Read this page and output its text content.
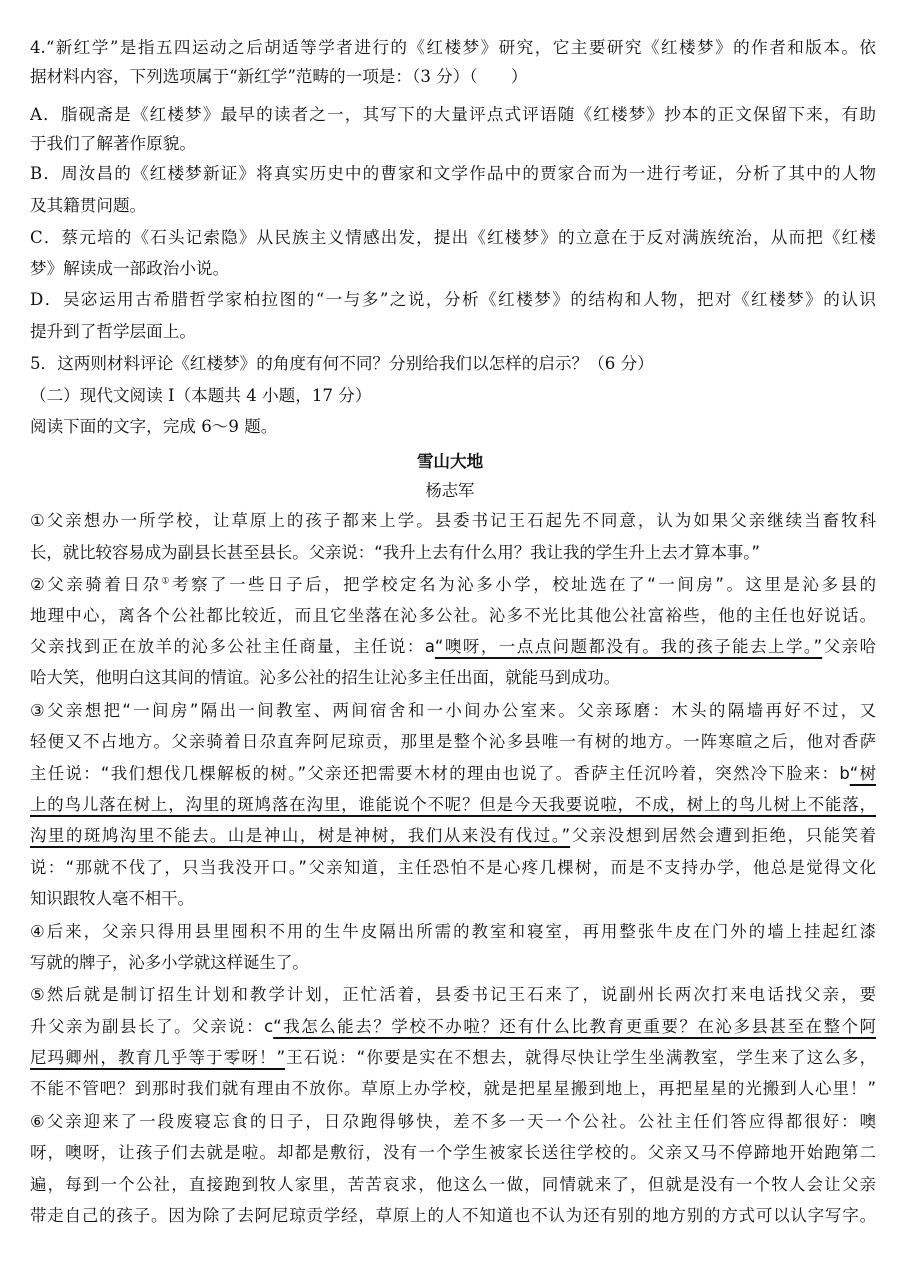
4.“新红学”是指五四运动之后胡适等学者进行的《红楼梦》研究，它主要研究《红楼梦》的作者和版本。依
据材料内容，下列选项属于“新红学”范畴的一项是：（3 分）（　　）
A．脂砚斋是《红楼梦》最早的读者之一，其写下的大量评点式评语随《红楼梦》抄本的正文保留下来，有助
于我们了解著作原貌。
B．周汝昌的《红楼梦新证》将真实历史中的曹家和文学作品中的贾家合而为一进行考证，分析了其中的人物
及其籍贯问题。
C．蔡元培的《石头记索隐》从民族主义情感出发，提出《红楼梦》的立意在于反对满族统治，从而把《红楼
梦》解读成一部政治小说。
D．吴宓运用古希腊哲学家柏拉图的“一与多”之说，分析《红楼梦》的结构和人物，把对《红楼梦》的认识
提升到了哲学层面上。
5．这两则材料评论《红楼梦》的角度有何不同？分别给我们以怎样的启示？（6 分）
（二）现代文阅读 I（本题共 4 小题，17 分）
阅读下面的文字，完成 6～9 题。
雪山大地
杨志军
①父亲想办一所学校，让草原上的孩子都来上学。县委书记王石起先不同意，认为如果父亲继续当畜牧科
长，就比较容易成为副县长甚至县长。父亲说：“我升上去有什么用？我让我的学生升上去才算本事。”
②父亲骑着日尕①考察了一些日子后，把学校定名为沁多小学，校址选在了“一间房”。这里是沁多县的
地理中心，离各个公社都比较近，而且它坐落在沁多公社。沁多不光比其他公社富裕些，他的主任也好说话。
父亲找到正在放羊的沁多公社主任商量，主任说：a“噢呀，一点点问题都没有。我的孩子能去上学。”父亲哈
哈大笑，他明白这其间的情谊。沁多公社的招生让沁多主任出面，就能马到成功。
③父亲想把“一间房”隔出一间教室、两间宿舍和一小间办公室来。父亲琢磨：木头的隔墙再好不过，又
轻便又不占地方。父亲骑着日尕直奔阿尼琼贡，那里是整个沁多县唯一有树的地方。一阵寒暄之后，他对香萨
主任说：“我们想伐几棵解板的树。”父亲还把需要木材的理由也说了。香萨主任沉吟着，突然冷下脸来：b“树
上的鸟儿落在树上，沟里的斑鸠落在沟里，谁能说个不呢？但是今天我要说啦，不成，树上的鸟儿树上不能落，
沟里的斑鸠沟里不能去。山是神山，树是神树，我们从来没有伐过。”父亲没想到居然会遭到拒绝，只能笑着
说：“那就不伐了，只当我没开口。”父亲知道，主任恐怕不是心疼几棵树，而是不支持办学，他总是觉得文化
知识跟牧人毫不相干。
④后来，父亲只得用县里囤积不用的生牛皮隔出所需的教室和寝室，再用整张牛皮在门外的墙上挂起红漆
写就的牌子，沁多小学就这样诞生了。
⑤然后就是制订招生计划和教学计划，正忙活着，县委书记王石来了，说副州长两次打来电话找父亲，要
升父亲为副县长了。父亲说：c“我怎么能去？学校不办啦？还有什么比教育更重要？在沁多县甚至在整个阿
尼玛卿州，教育几乎等于零呀！”王石说：“你要是实在不想去，就得尽快让学生坐满教室，学生来了这么多，
不能不管吧？到那时我们就有理由不放你。草原上办学校，就是把星星搬到地上，再把星星的光搬到人心里！”
⑥父亲迎来了一段废寝忘食的日子，日尕跑得够快，差不多一天一个公社。公社主任们答应得都很好：噢
呀，噢呀，让孩子们去就是啦。却都是敷衍，没有一个学生被家长送往学校的。父亲又马不停蹄地开始跑第二
遍，每到一个公社，直接跑到牧人家里，苦苦哀求，他这么一做，同情就来了，但就是没有一个牧人会让父亲
带走自己的孩子。因为除了去阿尼琼贡学经，草原上的人不知道也不认为还有别的地方别的方式可以认字写字。
